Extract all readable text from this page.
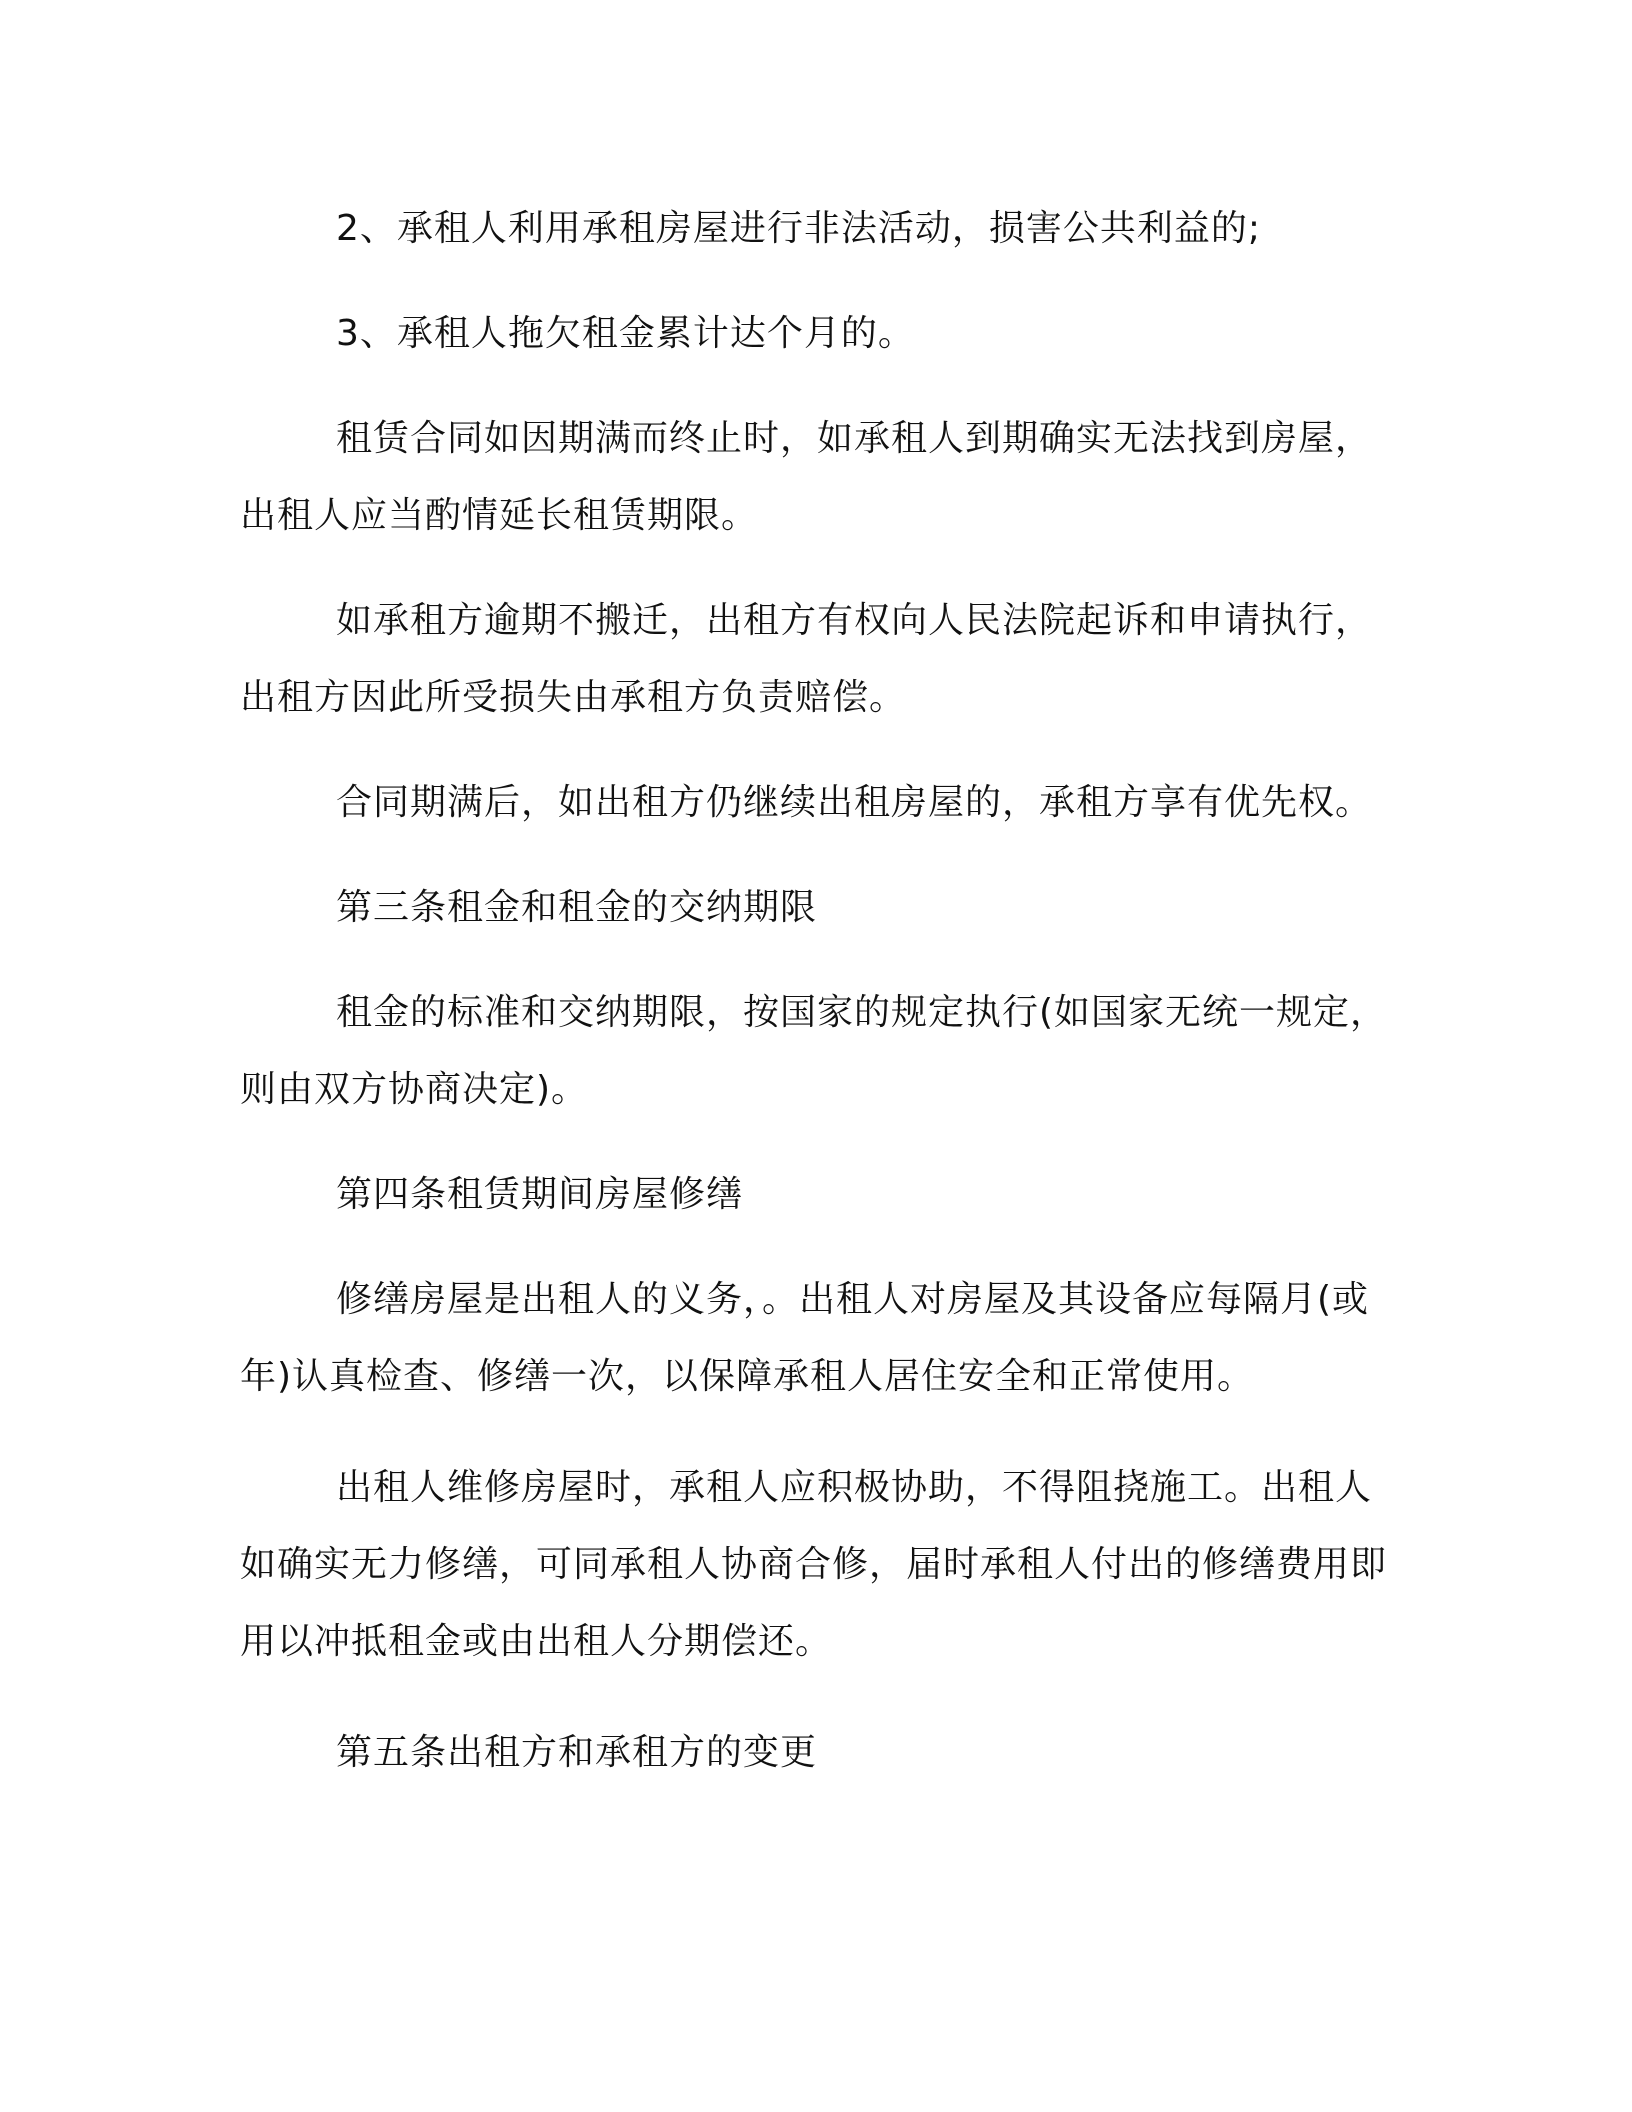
2、承租人利用承租房屋进行非法活动，损害公共利益的;

3、承租人拖欠租金累计达个月的。

租赁合同如因期满而终止时，如承租人到期确实无法找到房屋，出租人应当酌情延长租赁期限。

如承租方逾期不搬迁，出租方有权向人民法院起诉和申请执行，出租方因此所受损失由承租方负责赔偿。

合同期满后，如出租方仍继续出租房屋的，承租方享有优先权。

第三条租金和租金的交纳期限

租金的标准和交纳期限，按国家的规定执行(如国家无统一规定，则由双方协商决定)。

第四条租赁期间房屋修缮

修缮房屋是出租人的义务，。出租人对房屋及其设备应每隔月(或年)认真检查、修缮一次，以保障承租人居住安全和正常使用。

出租人维修房屋时，承租人应积极协助，不得阻挠施工。出租人如确实无力修缮，可同承租人协商合修，届时承租人付出的修缮费用即用以冲抵租金或由出租人分期偿还。

第五条出租方和承租方的变更
